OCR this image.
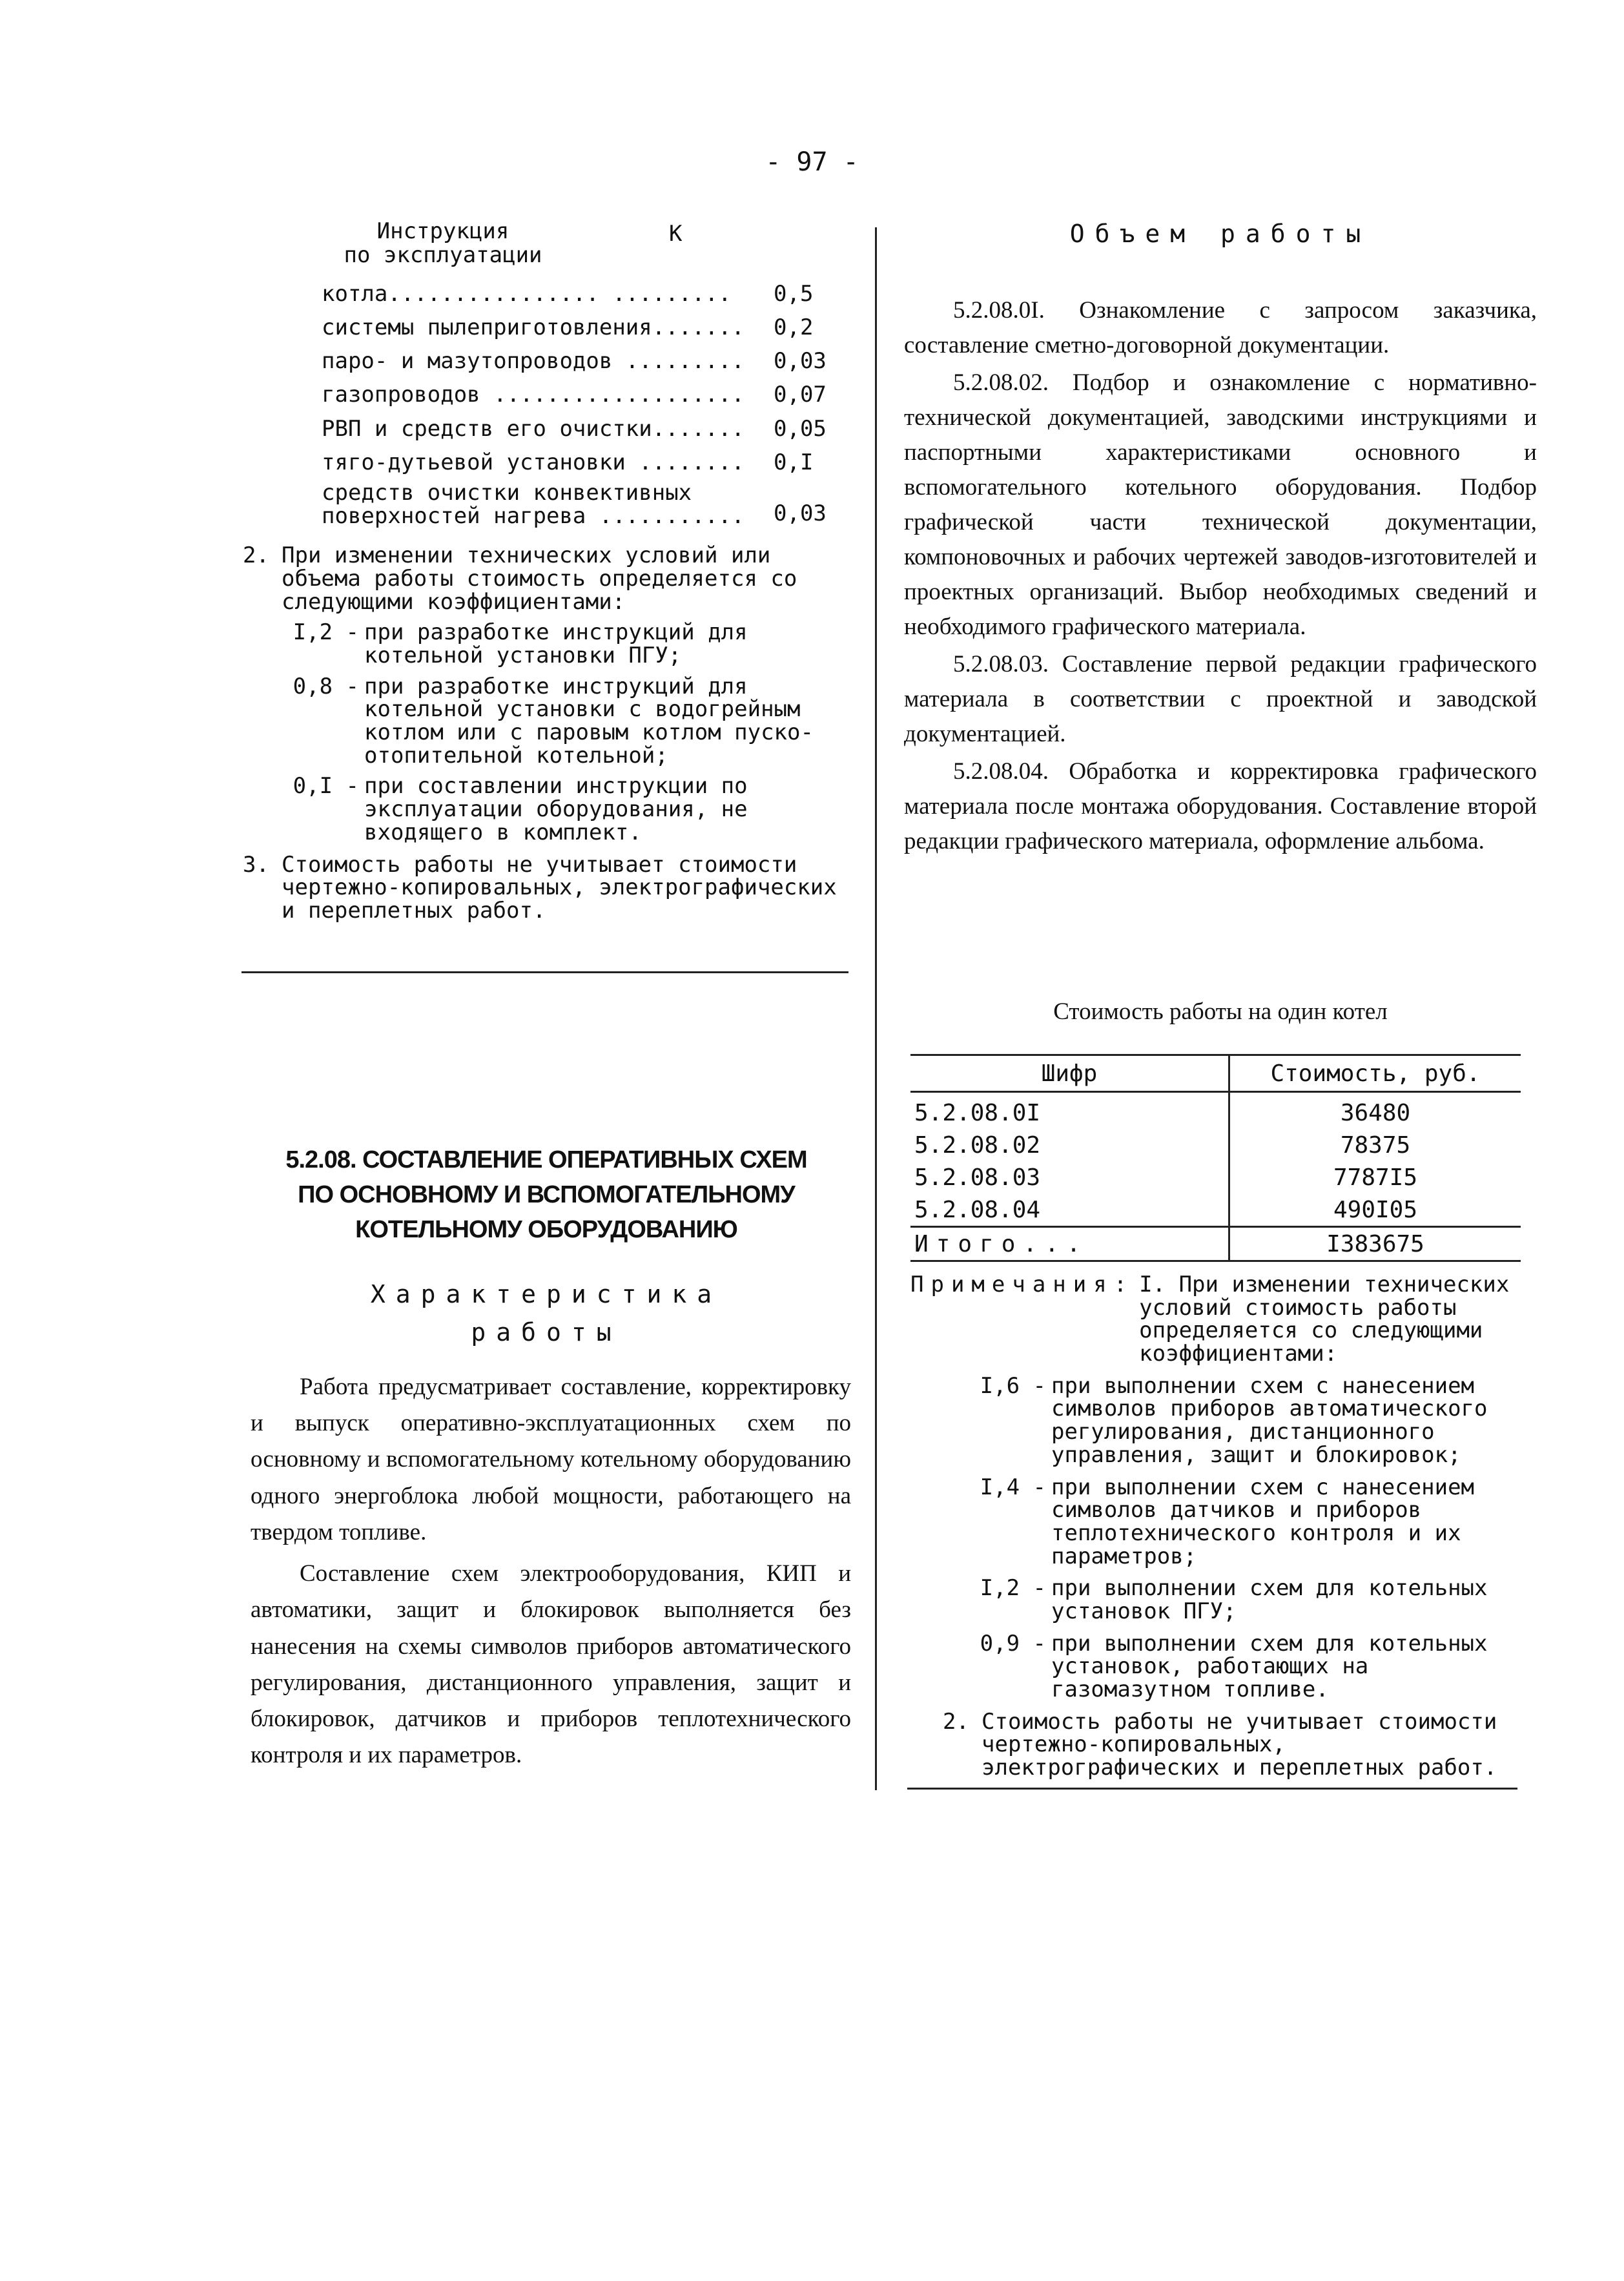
- 97 -
Инструкция
по эксплуатации
К
котла................ .........	0,5
системы пылеприготовления.......	0,2
паро- и мазутопроводов .........	0,03
газопроводов ...................	0,07
РВП и средств его очистки.......	0,05
тягo-дутьевой установки ........	0,I
средств очистки конвективных
поверхностей нагрева ...........	0,03
2. При изменении технических условий или объема работы стоимость определяется со следующими коэффициентами:
I,2 - при разработке инструкций для котельной установки ПГУ;
0,8 - при разработке инструкций для котельной установки с водогрейным котлом или с паровым котлом пуско-отопительной котельной;
0,I - при составлении инструкции по эксплуатации оборудования, не входящего в комплект.
3. Стоимость работы не учитывает стоимости чертежно-копировальных, электрографических и переплетных работ.
5.2.08. СОСТАВЛЕНИЕ ОПЕРАТИВНЫХ СХЕМ
ПО ОСНОВНОМУ И ВСПОМОГАТЕЛЬНОМУ
КОТЕЛЬНОМУ ОБОРУДОВАНИЮ
Характеристика
работы

Работа предусматривает составление, корректировку и выпуск оперативно-эксплуатационных схем по основному и вспомогательному котельному оборудованию одного энергоблока любой мощности, работающего на твердом топливе.

Составление схем электрооборудования, КИП и автоматики, защит и блокировок выполняется без нанесения на схемы символов приборов автоматического регулирования, дистанционного управления, защит и блокировок, датчиков и приборов теплотехнического контроля и их параметров.

Объем работы

5.2.08.0I. Ознакомление с запросом заказчика, составление сметно-договорной документации.

5.2.08.02. Подбор и ознакомление с нормативно-технической документацией, заводскими инструкциями и паспортными характеристиками основного и вспомогательного котельного оборудования. Подбор графической части технической документации, компоновочных и рабочих чертежей заводов-изготовителей и проектных организаций. Выбор необходимых сведений и необходимого графического материала.

5.2.08.03. Составление первой редакции графического материала в соответствии с проектной и заводской документацией.

5.2.08.04. Обработка и корректировка графического материала после монтажа оборудования. Составление второй редакции графического материала, оформление альбома.

Стоимость работы на один котел
Шифр	Стоимость, руб.
5.2.08.0I	36480
5.2.08.02	78375
5.2.08.03	7787I5
5.2.08.04	490I05
Итого...	I383675
Примечания: I. При изменении технических условий стоимость работы определяется со следующими коэффициентами:
I,6 - при выполнении схем с нанесением символов приборов автоматического регулирования, дистанционного управления, защит и блокировок;
I,4 - при выполнении схем с нанесением символов датчиков и приборов теплотехнического контроля и их параметров;
I,2 - при выполнении схем для котельных установок ПГУ;
0,9 - при выполнении схем для котельных установок, работающих на газомазутном топливе.
2. Стоимость работы не учитывает стоимости чертежно-копировальных, электрографических и переплетных работ.
